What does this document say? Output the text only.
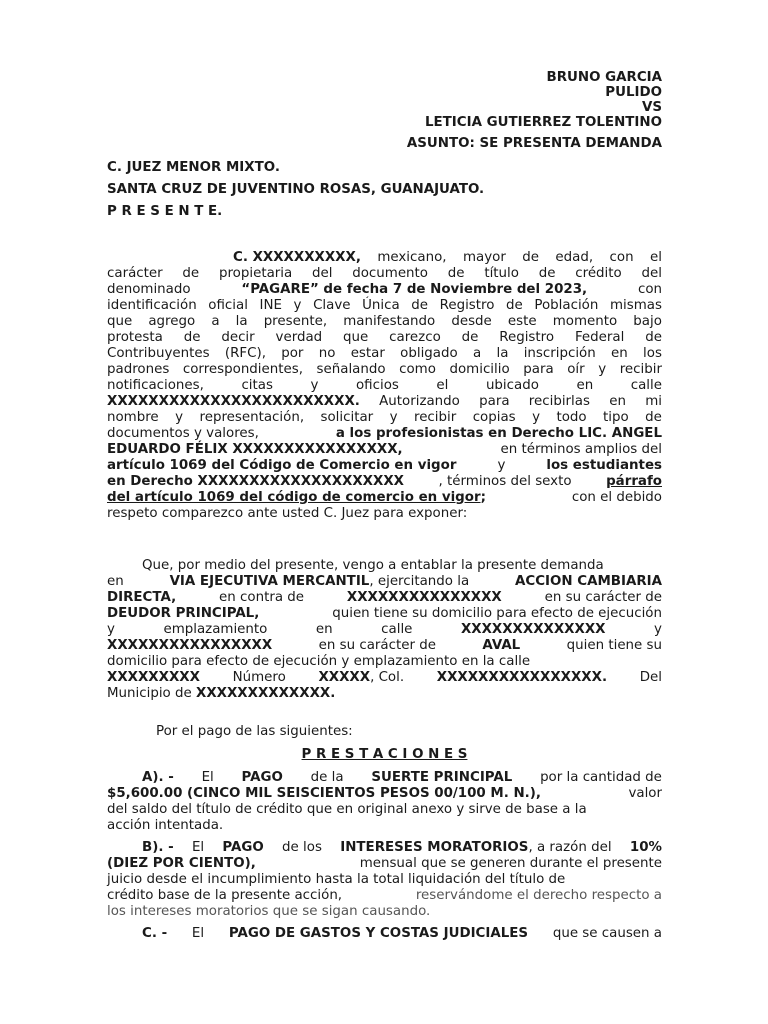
BRUNO GARCIA
PULIDO
VS
LETICIA GUTIERREZ TOLENTINO
ASUNTO: SE PRESENTA DEMANDA
C. JUEZ MENOR MIXTO.
SANTA CRUZ DE JUVENTINO ROSAS, GUANAJUATO.
P R E S E N T E.
C. XXXXXXXXXX, mexicano, mayor de edad, con el
carácter de propietaria del documento de título de crédito del
denominado	“PAGARE” de fecha 7 de Noviembre del 2023,	con
identificación oficial INE y Clave Única de Registro de Población mismas
que agrego a la presente, manifestando desde este momento bajo
protesta de decir verdad que carezco de Registro Federal de
Contribuyentes (RFC), por no estar obligado a la inscripción en los
padrones correspondientes, señalando como domicilio para oír y recibir
notificaciones,	citas	y	oficios	el	ubicado	en	calle
XXXXXXXXXXXXXXXXXXXXXXXX. Autorizando para recibirlas en mi
nombre y representación, solicitar y recibir copias y todo tipo de
documentos y valores,	a los profesionistas en Derecho LIC. ANGEL
EDUARDO FÉLIX XXXXXXXXXXXXXXXX,	en términos amplios del
artículo 1069 del Código de Comercio en vigor	y	los estudiantes
en Derecho XXXXXXXXXXXXXXXXXXXX	, términos del sexto	párrafo
del artículo 1069 del código de comercio en vigor;	con el debido
respeto comparezco ante usted C. Juez para exponer:
Que, por medio del presente, vengo a entablar la presente demanda
en	VIA EJECUTIVA MERCANTIL, ejercitando la	ACCION CAMBIARIA
DIRECTA,	en contra de	XXXXXXXXXXXXXXX	en su carácter de
DEUDOR PRINCIPAL,	quien tiene su domicilio para efecto de ejecución
y	emplazamiento	en	calle	XXXXXXXXXXXXXX	y
XXXXXXXXXXXXXXXX	en su carácter de	AVAL	quien tiene su
domicilio para efecto de ejecución y emplazamiento en la calle
XXXXXXXXX Número XXXXX, Col. XXXXXXXXXXXXXXXX. Del
Municipio de XXXXXXXXXXXXX.
Por el pago de las siguientes:
P R E S T A C I O N E S
A). - El PAGO de la SUERTE PRINCIPAL por la cantidad de
$5,600.00 (CINCO MIL SEISCIENTOS PESOS 00/100 M. N.),	valor
del saldo del título de crédito que en original anexo y sirve de base a la
acción intentada.
B). - El PAGO de los INTERESES MORATORIOS, a razón del 10%
(DIEZ POR CIENTO),	mensual que se generen durante el presente
juicio desde el incumplimiento hasta la total liquidación del título de
crédito base de la presente acción,	reservándome el derecho respecto a
los intereses moratorios que se sigan causando.
C. - El PAGO DE GASTOS Y COSTAS JUDICIALES que se causen a
